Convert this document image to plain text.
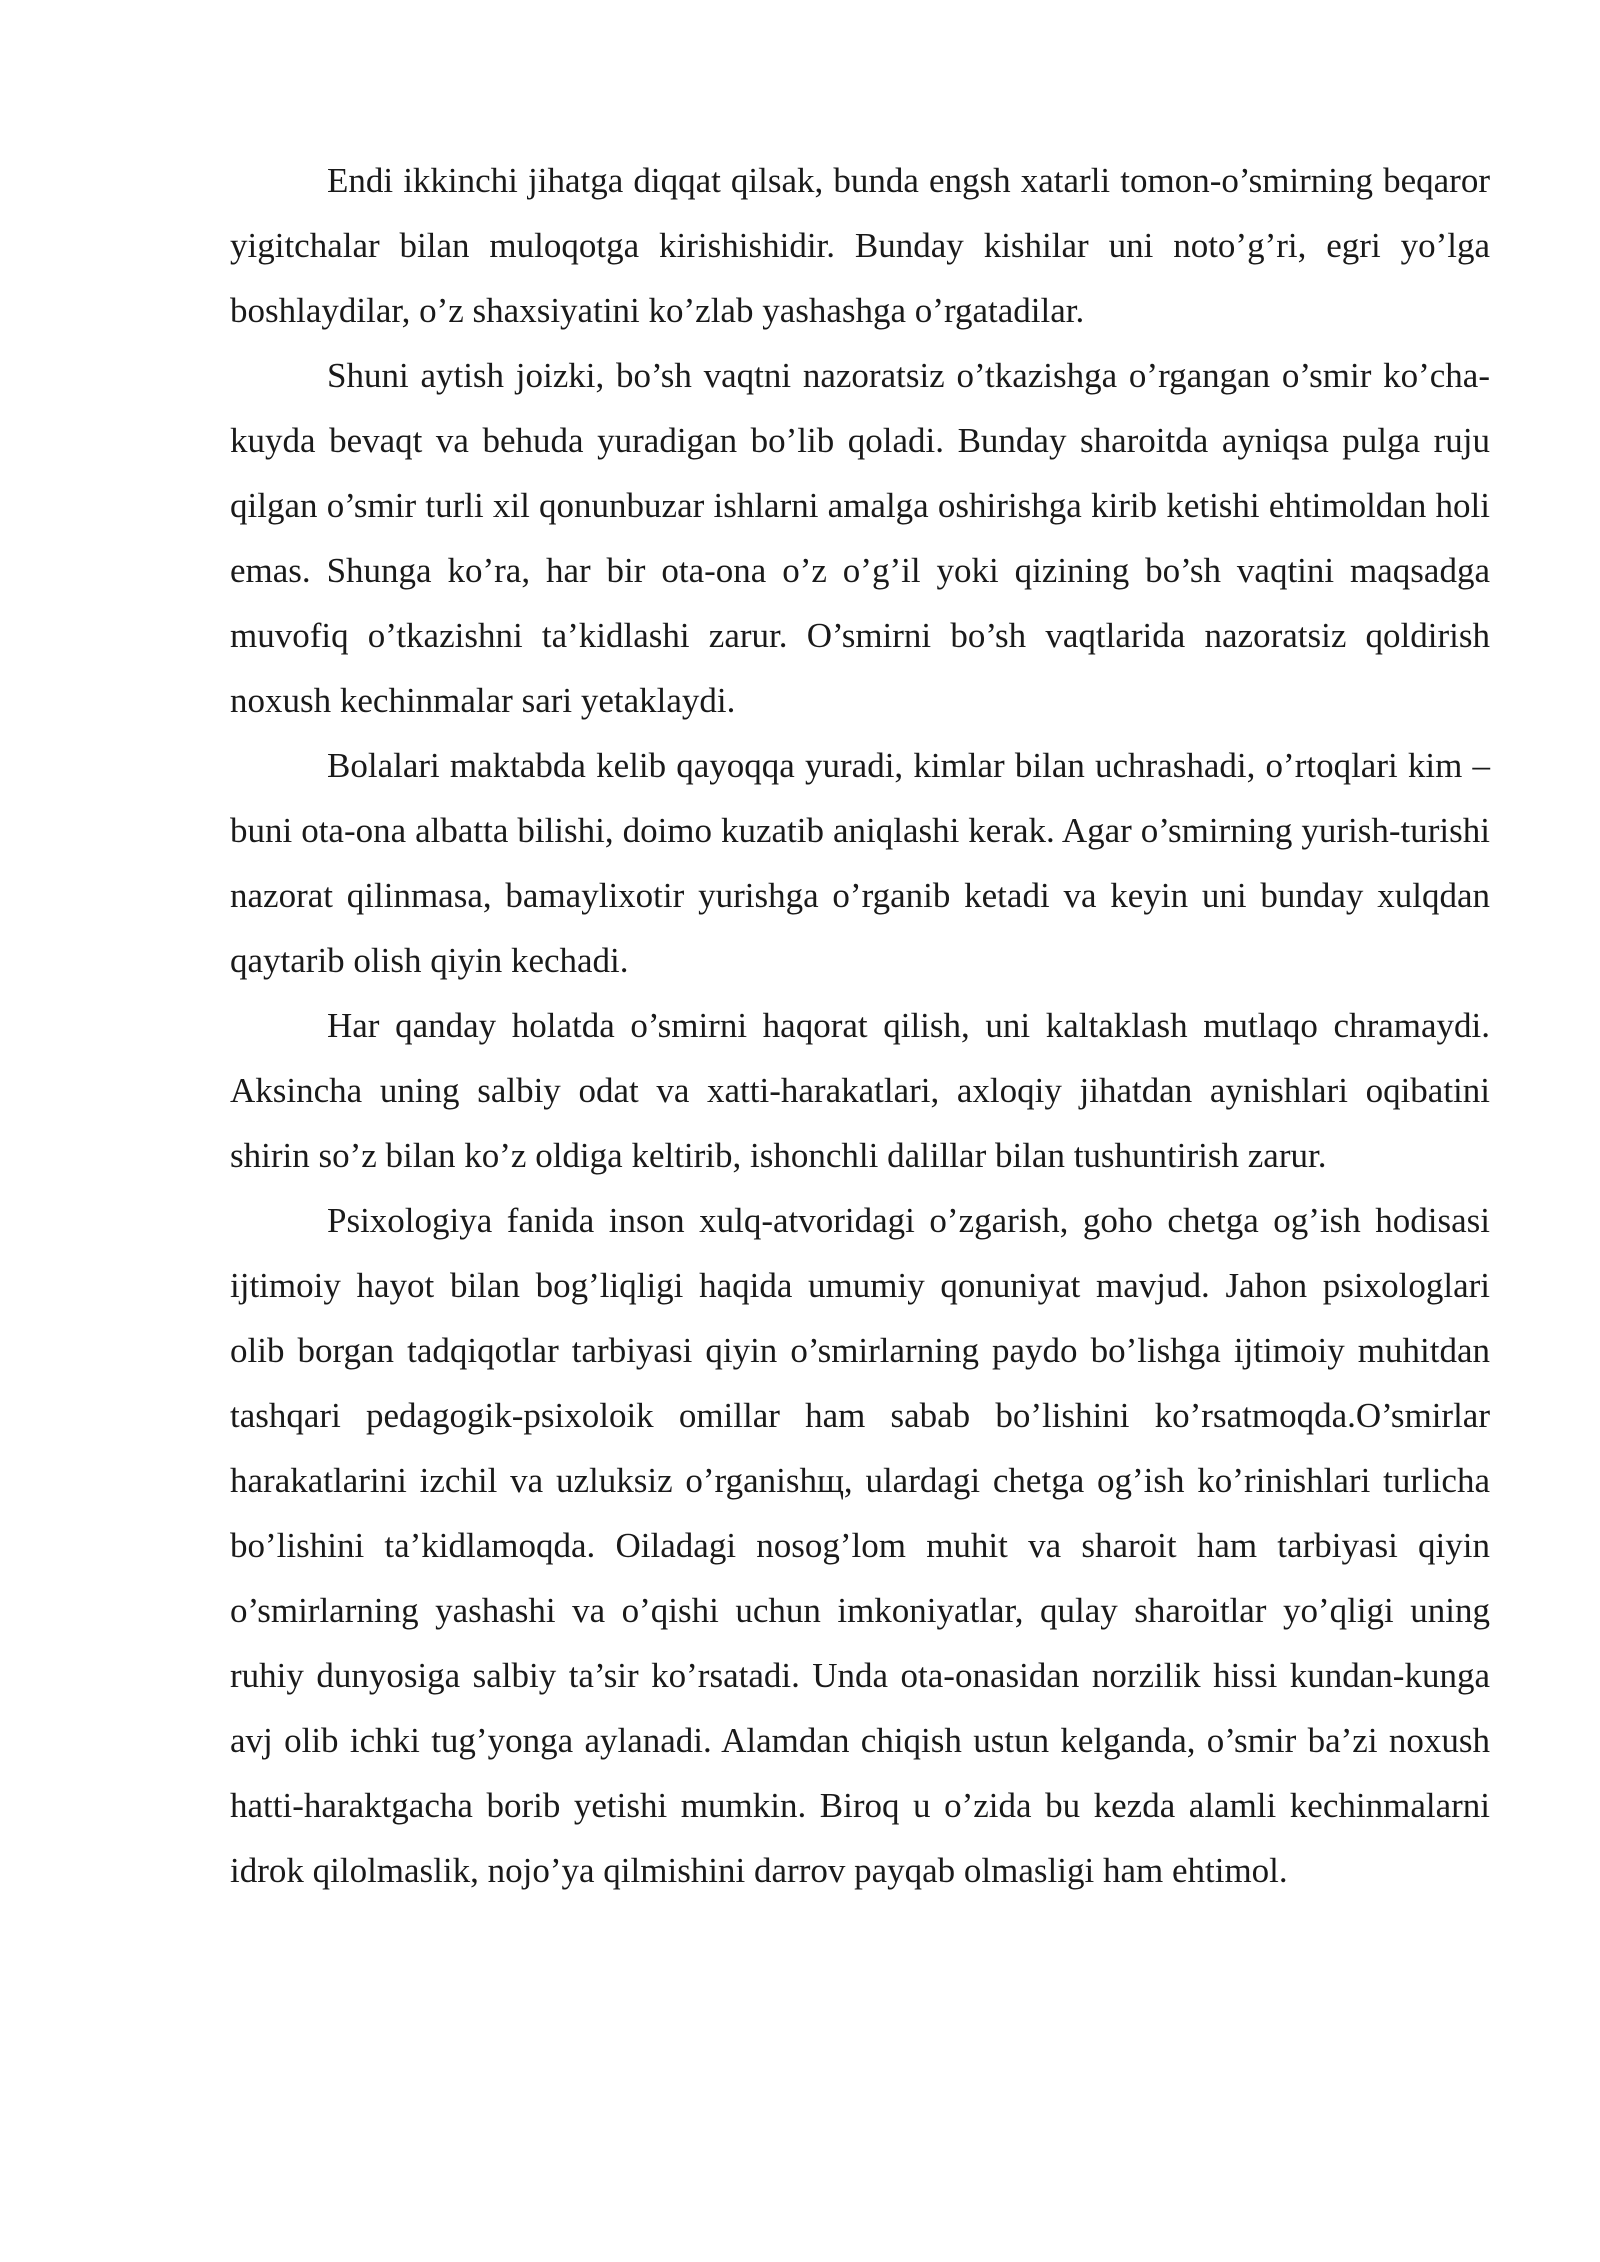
Endi ikkinchi jihatga diqqat qilsak, bunda engsh xatarli tomon-o’smirning beqaror yigitchalar bilan muloqotga kirishishidir. Bunday kishilar uni noto’g’ri, egri yo’lga boshlaydilar, o’z shaxsiyatini ko’zlab yashashga o’rgatadilar.

Shuni aytish joizki, bo’sh vaqtni nazoratsiz o’tkazishga o’rgangan o’smir ko’cha-kuyda bevaqt va behuda yuradigan bo’lib qoladi. Bunday sharoitda ayniqsa pulga ruju qilgan o’smir turli xil qonunbuzar ishlarni amalga oshirishga kirib ketishi ehtimoldan holi emas. Shunga ko’ra, har bir ota-ona o’z o’g’il yoki qizining bo’sh vaqtini maqsadga muvofiq o’tkazishni ta’kidlashi zarur. O’smirni bo’sh vaqtlarida nazoratsiz qoldirish noxush kechinmalar sari yetaklaydi.

Bolalari maktabda kelib qayoqqa yuradi, kimlar bilan uchrashadi, o’rtoqlari kim – buni ota-ona albatta bilishi, doimo kuzatib aniqlashi kerak. Agar o’smirning yurish-turishi nazorat qilinmasa, bamaylixotir yurishga o’rganib ketadi va keyin uni bunday xulqdan qaytarib olish qiyin kechadi.

Har qanday holatda o’smirni haqorat qilish, uni kaltaklash mutlaqo chramaydi. Aksincha uning salbiy odat va xatti-harakatlari, axloqiy jihatdan aynishlari oqibatini shirin so’z bilan ko’z oldiga keltirib, ishonchli dalillar bilan tushuntirish zarur.

Psixologiya fanida inson xulq-atvoridagi o’zgarish, goho chetga og’ish hodisasi ijtimoiy hayot bilan bog’liqligi haqida umumiy qonuniyat mavjud. Jahon psixologlari olib borgan tadqiqotlar tarbiyasi qiyin o’smirlarning paydo bo’lishga ijtimoiy muhitdan tashqari pedagogik-psixoloik omillar ham sabab bo’lishini ko’rsatmoqda.O’smirlar harakatlarini izchil va uzluksiz o’rganishщ, ulardagi chetga og’ish ko’rinishlari turlicha bo’lishini ta’kidlamoqda. Oiladagi nosog’lom muhit va sharoit ham tarbiyasi qiyin o’smirlarning yashashi va o’qishi uchun imkoniyatlar, qulay sharoitlar yo’qligi uning ruhiy dunyosiga salbiy ta’sir ko’rsatadi. Unda ota-onasidan norzilik hissi kundan-kunga avj olib ichki tug’yonga aylanadi. Alamdan chiqish ustun kelganda, o’smir ba’zi noxush hatti-haraktgacha borib yetishi mumkin. Biroq u o’zida bu kezda alamli kechinmalarni idrok qilolmaslik, nojo’ya qilmishini darrov payqab olmasligi ham ehtimol.
